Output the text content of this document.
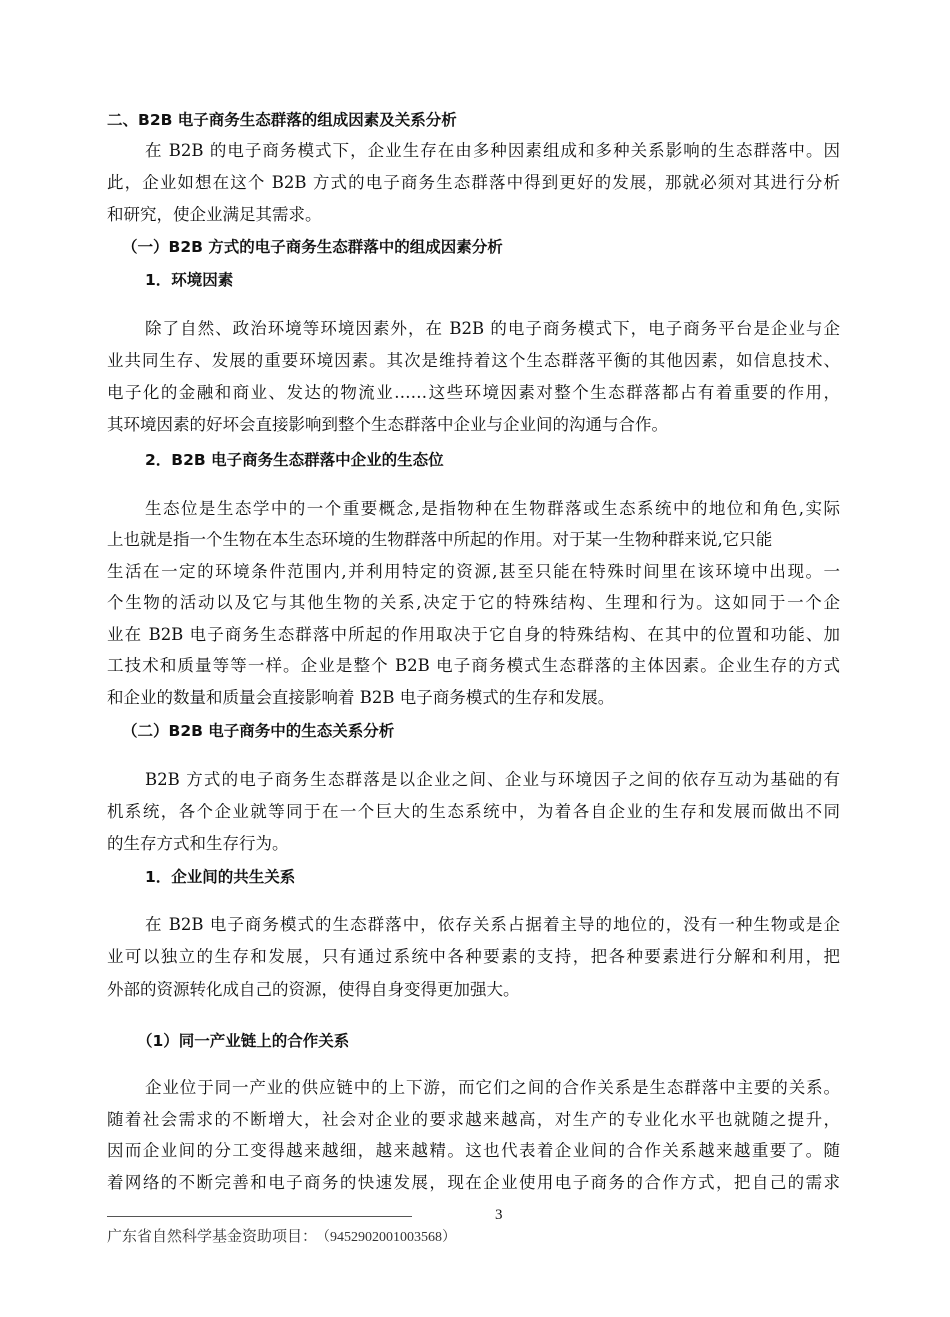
二、B2B 电子商务生态群落的组成因素及关系分析
在 B2B 的电子商务模式下，企业生存在由多种因素组成和多种关系影响的生态群落中。因
此，企业如想在这个 B2B 方式的电子商务生态群落中得到更好的发展，那就必须对其进行分析
和研究，使企业满足其需求。
（一）B2B 方式的电子商务生态群落中的组成因素分析
1．环境因素
除了自然、政治环境等环境因素外，在 B2B 的电子商务模式下，电子商务平台是企业与企
业共同生存、发展的重要环境因素。其次是维持着这个生态群落平衡的其他因素，如信息技术、
电子化的金融和商业、发达的物流业……这些环境因素对整个生态群落都占有着重要的作用，
其环境因素的好坏会直接影响到整个生态群落中企业与企业间的沟通与合作。
2．B2B 电子商务生态群落中企业的生态位
生态位是生态学中的一个重要概念,是指物种在生物群落或生态系统中的地位和角色,实际
上也就是指一个生物在本生态环境的生物群落中所起的作用。对于某一生物种群来说,它只能
生活在一定的环境条件范围内,并利用特定的资源,甚至只能在特殊时间里在该环境中出现。一
个生物的活动以及它与其他生物的关系,决定于它的特殊结构、生理和行为。这如同于一个企
业在 B2B 电子商务生态群落中所起的作用取决于它自身的特殊结构、在其中的位置和功能、加
工技术和质量等等一样。企业是整个 B2B 电子商务模式生态群落的主体因素。企业生存的方式
和企业的数量和质量会直接影响着 B2B 电子商务模式的生存和发展。
（二）B2B 电子商务中的生态关系分析
B2B 方式的电子商务生态群落是以企业之间、企业与环境因子之间的依存互动为基础的有
机系统，各个企业就等同于在一个巨大的生态系统中，为着各自企业的生存和发展而做出不同
的生存方式和生存行为。
1．企业间的共生关系
在 B2B 电子商务模式的生态群落中，依存关系占据着主导的地位的，没有一种生物或是企
业可以独立的生存和发展，只有通过系统中各种要素的支持，把各种要素进行分解和利用，把
外部的资源转化成自己的资源，使得自身变得更加强大。
（1）同一产业链上的合作关系
企业位于同一产业的供应链中的上下游，而它们之间的合作关系是生态群落中主要的关系。
随着社会需求的不断增大，社会对企业的要求越来越高，对生产的专业化水平也就随之提升，
因而企业间的分工变得越来越细，越来越精。这也代表着企业间的合作关系越来越重要了。随
着网络的不断完善和电子商务的快速发展，现在企业使用电子商务的合作方式，把自己的需求
3
广东省自然科学基金资助项目： （9452902001003568）
